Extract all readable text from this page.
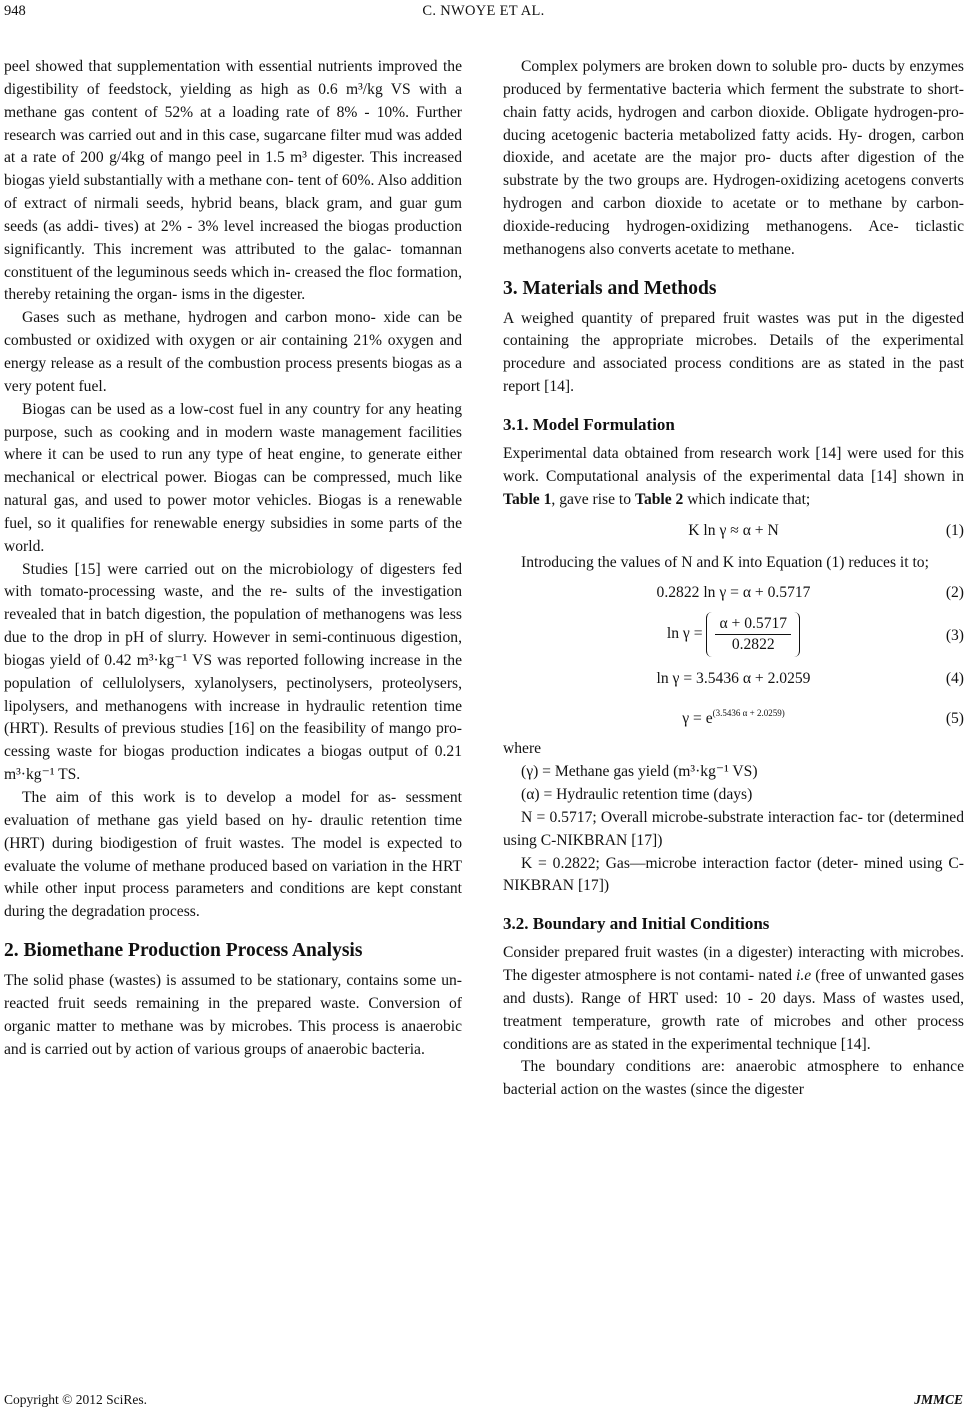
948	C. NWOYE ET AL.

peel showed that supplementation with essential nutrients improved the digestibility of feedstock, yielding as high as 0.6 m³/kg VS with a methane gas content of 52% at a loading rate of 8% - 10%. Further research was carried out and in this case, sugarcane filter mud was added at a rate of 200 g/4kg of mango peel in 1.5 m³ digester. This increased biogas yield substantially with a methane con- tent of 60%. Also addition of extract of nirmali seeds, hybrid beans, black gram, and guar gum seeds (as addi- tives) at 2% - 3% level increased the biogas production significantly. This increment was attributed to the galac- tomannan constituent of the leguminous seeds which in- creased the floc formation, thereby retaining the organ- isms in the digester.

Gases such as methane, hydrogen and carbon mono- xide can be combusted or oxidized with oxygen or air containing 21% oxygen and energy release as a result of the combustion process presents biogas as a very potent fuel.

Biogas can be used as a low-cost fuel in any country for any heating purpose, such as cooking and in modern waste management facilities where it can be used to run any type of heat engine, to generate either mechanical or electrical power. Biogas can be compressed, much like natural gas, and used to power motor vehicles. Biogas is a renewable fuel, so it qualifies for renewable energy subsidies in some parts of the world.

Studies [15] were carried out on the microbiology of digesters fed with tomato-processing waste, and the re- sults of the investigation revealed that in batch digestion, the population of methanogens was less due to the drop in pH of slurry. However in semi-continuous digestion, biogas yield of 0.42 m³·kg⁻¹ VS was reported following increase in the population of cellulolysers, xylanolysers, pectinolysers, proteolysers, lipolysers, and methanogens with increase in hydraulic retention time (HRT). Results of previous studies [16] on the feasibility of mango pro- cessing waste for biogas production indicates a biogas output of 0.21 m³·kg⁻¹ TS.

The aim of this work is to develop a model for as- sessment evaluation of methane gas yield based on hy- draulic retention time (HRT) during biodigestion of fruit wastes. The model is expected to evaluate the volume of methane produced based on variation in the HRT while other input process parameters and conditions are kept constant during the degradation process.

2. Biomethane Production Process Analysis

The solid phase (wastes) is assumed to be stationary, contains some un-reacted fruit seeds remaining in the prepared waste. Conversion of organic matter to methane was by microbes. This process is anaerobic and is carried out by action of various groups of anaerobic bacteria.

Complex polymers are broken down to soluble pro- ducts by enzymes produced by fermentative bacteria which ferment the substrate to short-chain fatty acids, hydrogen and carbon dioxide. Obligate hydrogen-pro- ducing acetogenic bacteria metabolized fatty acids. Hy- drogen, carbon dioxide, and acetate are the major pro- ducts after digestion of the substrate by the two groups are. Hydrogen-oxidizing acetogens converts hydrogen and carbon dioxide to acetate or to methane by carbon- dioxide-reducing hydrogen-oxidizing methanogens. Ace- ticlastic methanogens also converts acetate to methane.

3. Materials and Methods

A weighed quantity of prepared fruit wastes was put in the digested containing the appropriate microbes. Details of the experimental procedure and associated process conditions are as stated in the past report [14].

3.1. Model Formulation

Experimental data obtained from research work [14] were used for this work. Computational analysis of the experimental data [14] shown in Table 1, gave rise to Table 2 which indicate that;

K ln γ ≈ α + N	(1)

Introducing the values of N and K into Equation (1) reduces it to;

0.2822 ln γ = α + 0.5717	(2)
$\ln \gamma = \frac{\alpha + 0.5717}{0.2822}$	(3)
ln γ = 3.5436 α + 2.0259	(4)
$\gamma = e^{(3.5436 \alpha + 2.0259)}$	(5)

where

(γ) = Methane gas yield (m³·kg⁻¹ VS)

(α) = Hydraulic retention time (days)

N = 0.5717; Overall microbe-substrate interaction fac- tor (determined using C-NIKBRAN [17])

K = 0.2822; Gas—microbe interaction factor (deter- mined using C-NIKBRAN [17])

3.2. Boundary and Initial Conditions

Consider prepared fruit wastes (in a digester) interacting with microbes. The digester atmosphere is not contami- nated i.e (free of unwanted gases and dusts). Range of HRT used: 10 - 20 days. Mass of wastes used, treatment temperature, growth rate of microbes and other process conditions are as stated in the experimental technique [14].

The boundary conditions are: anaerobic atmosphere to enhance bacterial action on the wastes (since the digester

Copyright © 2012 SciRes.	JMMCE
